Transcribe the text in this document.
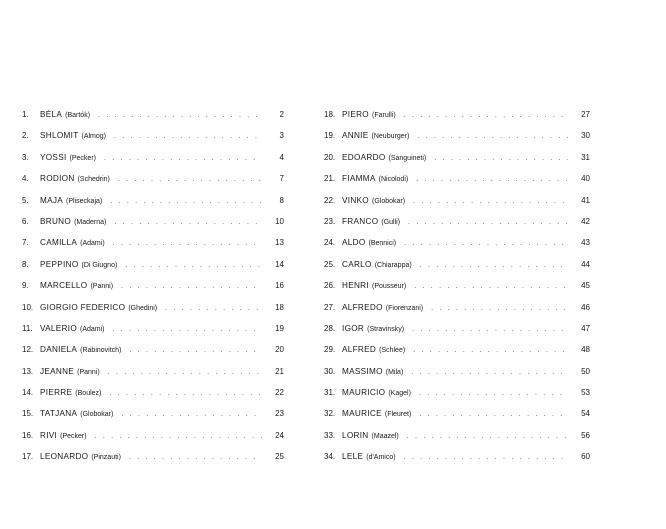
1.	BÉLA (Bartók) . . .	2
2.	SHLOMIT (Almog) . . .	3
3.	YOSSI (Pecker) . . .	4
4.	RODION (Schedrin) . . .	7
5.	MAJA (Pliseckaja) . . .	8
6.	BRUNO (Maderna) . . .	10
7.	CAMILLA (Adami) . . .	13
8.	PEPPINO (Di Giugno) . . .	14
9.	MARCELLO (Panni) . . .	16
10. GIORGIO FEDERICO (Ghedini) . . .	18
11. VALERIO (Adami) . . .	19
12. DANIELA (Rabinovitch) . . .	20
13. JEANNE (Panni) . . .	21
14. PIERRE (Boulez) . . .	22
15. TATJANA (Globokar) . . .	23
16. RIVI (Pecker) . . .	24
17. LEONARDO (Pinzauti) . . .	25
18. PIERO (Farulli) . . .	27
19. ANNIE (Neuburger) . . .	30
20. EDOARDO (Sanguineti) . . .	31
21. FIAMMA (Nicolodi) . . .	40
22. VINKO (Globokar) . . .	41
23. FRANCO (Gulli) . . .	42
24. ALDO (Bennici) . . .	43
25. CARLO (Chiarappa) . . .	44
26. HENRI (Pousseur) . . .	45
27. ALFREDO (Fiorenzani) . . .	46
28. IGOR (Stravinsky) . . .	47
29. ALFRED (Schlee) . . .	48
30. MASSIMO (Mila) . . .	50
31. MAURICIO (Kagel) . . .	53
32. MAURICE (Fleuret) . . .	54
33. LORIN (Maazel) . . .	56
34. LELE (d'Amico) . . .	60
